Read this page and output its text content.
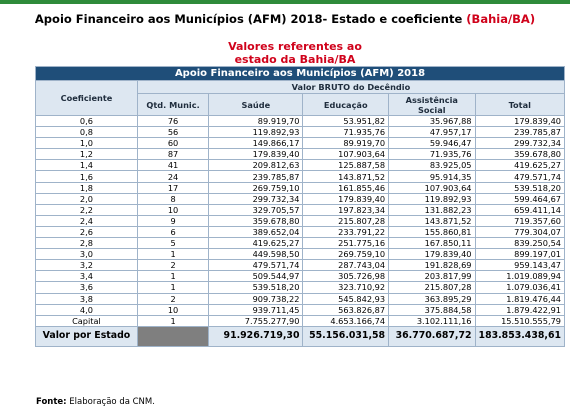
Apoio Financeiro aos Municípios (AFM) 2018- Estado e coeficiente (Bahia/BA)
Valores referentes ao estado da Bahia/BA
Apoio Financeiro aos Municípios (AFM) 2018					
Coeficiente	Valor BRUTO do Decêndio				
	Qtd. Munic.	Saúde	Educação	Assistência Social	Total
0,6	76	89.919,70	53.951,82	35.967,88	179.839,40
0,8	56	119.892,93	71.935,76	47.957,17	239.785,87
1,0	60	149.866,17	89.919,70	59.946,47	299.732,34
1,2	87	179.839,40	107.903,64	71.935,76	359.678,80
1,4	41	209.812,63	125.887,58	83.925,05	419.625,27
1,6	24	239.785,87	143.871,52	95.914,35	479.571,74
1,8	17	269.759,10	161.855,46	107.903,64	539.518,20
2,0	8	299.732,34	179.839,40	119.892,93	599.464,67
2,2	10	329.705,57	197.823,34	131.882,23	659.411,14
2,4	9	359.678,80	215.807,28	143.871,52	719.357,60
2,6	6	389.652,04	233.791,22	155.860,81	779.304,07
2,8	5	419.625,27	251.775,16	167.850,11	839.250,54
3,0	1	449.598,50	269.759,10	179.839,40	899.197,01
3,2	2	479.571,74	287.743,04	191.828,69	959.143,47
3,4	1	509.544,97	305.726,98	203.817,99	1.019.089,94
3,6	1	539.518,20	323.710,92	215.807,28	1.079.036,41
3,8	2	909.738,22	545.842,93	363.895,29	1.819.476,44
4,0	10	939.711,45	563.826,87	375.884,58	1.879.422,91
Capital	1	7.755.277,90	4.653.166,74	3.102.111,16	15.510.555,79
Valor por Estado		91.926.719,30	55.156.031,58	36.770.687,72	183.853.438,61
Fonte: Elaboração da CNM.
